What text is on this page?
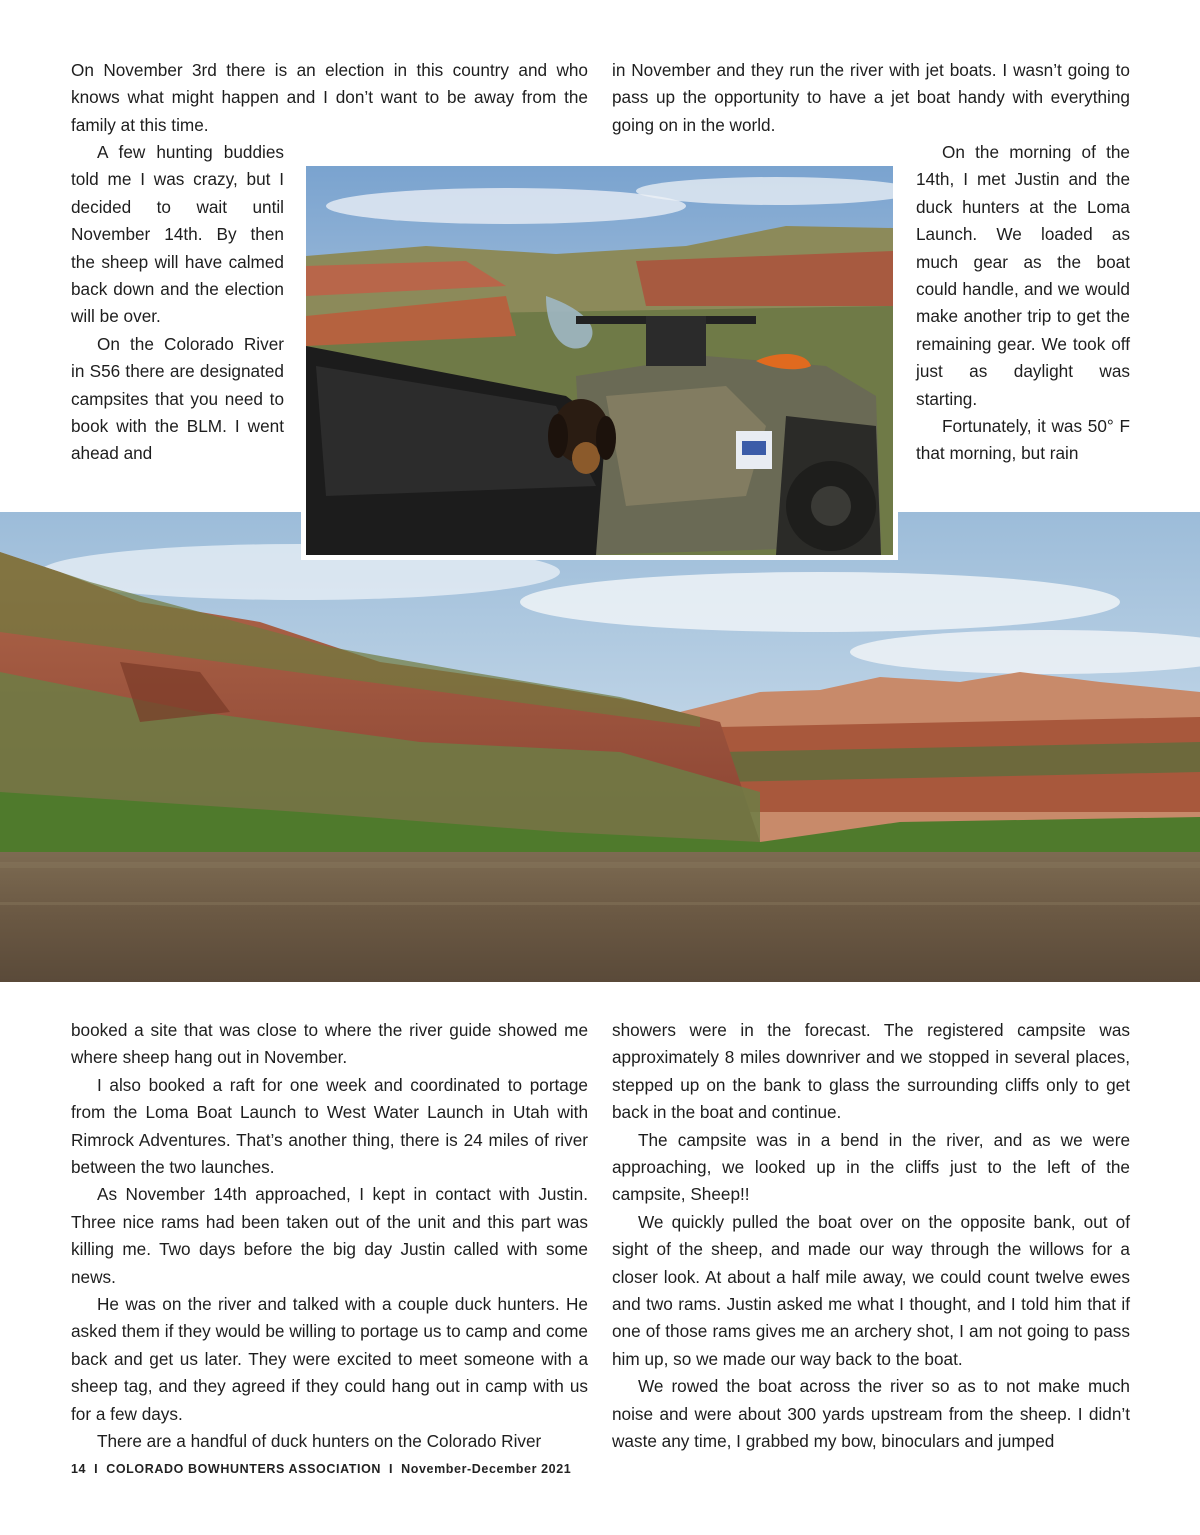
On November 3rd there is an election in this country and who knows what might happen and I don’t want to be away from the family at this time.

A few hunting buddies told me I was crazy, but I decided to wait until November 14th. By then the sheep will have calmed back down and the election will be over.

On the Colorado River in S56 there are designated campsites that you need to book with the BLM. I went ahead and

in November and they run the river with jet boats. I wasn’t going to pass up the opportunity to have a jet boat handy with everything going on in the world.

On the morning of the 14th, I met Justin and the duck hunters at the Loma Launch. We loaded as much gear as the boat could handle, and we would make another trip to get the remaining gear. We took off just as daylight was starting.

Fortunately, it was 50° F that morning, but rain

booked a site that was close to where the river guide showed me where sheep hang out in November.

I also booked a raft for one week and coordinated to portage from the Loma Boat Launch to West Water Launch in Utah with Rimrock Adventures. That’s another thing, there is 24 miles of river between the two launches.

As November 14th approached, I kept in contact with Justin. Three nice rams had been taken out of the unit and this part was killing me. Two days before the big day Justin called with some news.

He was on the river and talked with a couple duck hunters. He asked them if they would be willing to portage us to camp and come back and get us later. They were excited to meet someone with a sheep tag, and they agreed if they could hang out in camp with us for a few days.

There are a handful of duck hunters on the Colorado River

showers were in the forecast. The registered campsite was approximately 8 miles downriver and we stopped in several places, stepped up on the bank to glass the surrounding cliffs only to get back in the boat and continue.

The campsite was in a bend in the river, and as we were approaching, we looked up in the cliffs just to the left of the campsite, Sheep!!

We quickly pulled the boat over on the opposite bank, out of sight of the sheep, and made our way through the willows for a closer look. At about a half mile away, we could count twelve ewes and two rams. Justin asked me what I thought, and I told him that if one of those rams gives me an archery shot, I am not going to pass him up, so we made our way back to the boat.

We rowed the boat across the river so as to not make much noise and were about 300 yards upstream from the sheep. I didn’t waste any time, I grabbed my bow, binoculars and jumped

14 I COLORADO BOWHUNTERS ASSOCIATION I November-December 2021
